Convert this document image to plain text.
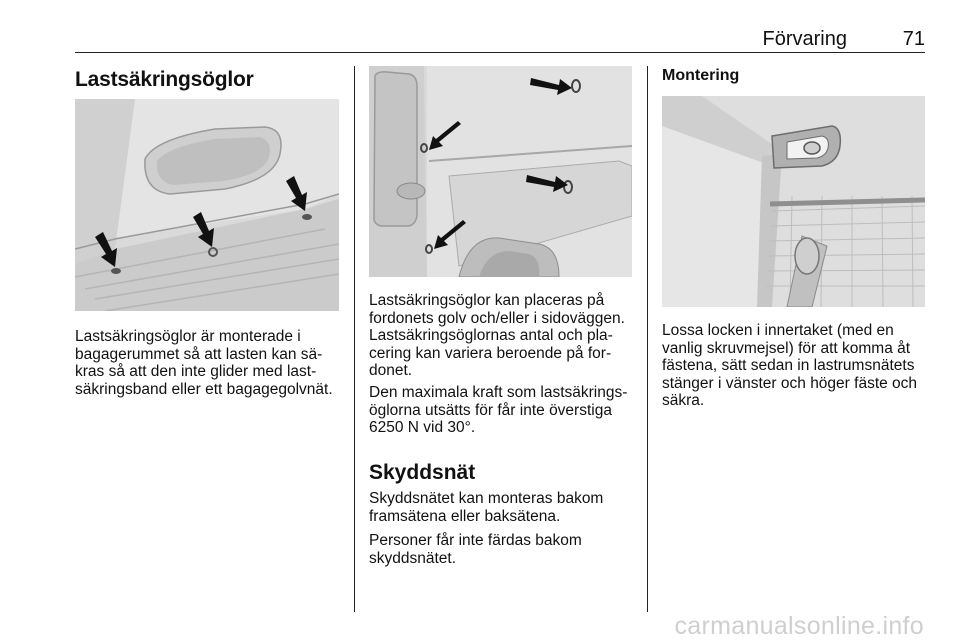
Förvaring	71
Lastsäkringsöglor
Lastsäkringsöglor är monterade i
bagagerummet så att lasten kan sä-
kras så att den inte glider med last-
säkringsband eller ett bagagegolvnät.
Lastsäkringsöglor kan placeras på
fordonets golv och/eller i sidoväggen.
Lastsäkringsöglornas antal och pla-
cering kan variera beroende på for-
donet.
Den maximala kraft som lastsäkrings-
öglorna utsätts för får inte överstiga
6250 N vid 30°.
Skyddsnät
Skyddsnätet kan monteras bakom
framsätena eller baksätena.
Personer får inte färdas bakom
skyddsnätet.
Montering
Lossa locken i innertaket (med en
vanlig skruvmejsel) för att komma åt
fästena, sätt sedan in lastrumsnätets
stänger i vänster och höger fäste och
säkra.
carmanualsonline.info
